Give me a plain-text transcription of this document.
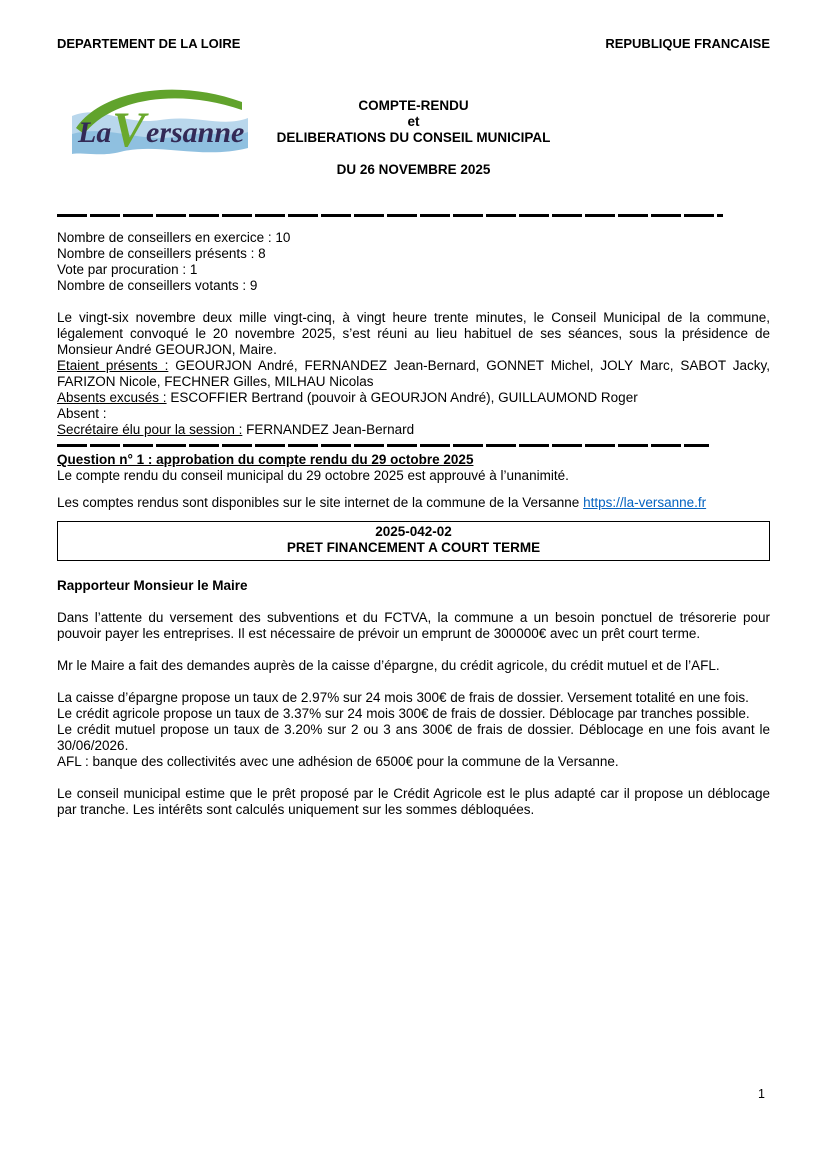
DEPARTEMENT DE LA LOIRE	REPUBLIQUE FRANCAISE
La V ersanne
COMPTE-RENDU
et
DELIBERATIONS DU CONSEIL MUNICIPAL
DU 26 NOVEMBRE 2025
Nombre de conseillers en exercice : 10
Nombre de conseillers présents : 8
Vote par procuration : 1
Nombre de conseillers votants : 9
Le vingt-six novembre deux mille vingt-cinq, à vingt heure trente minutes, le Conseil Municipal de la commune, légalement convoqué le 20 novembre 2025, s’est réuni au lieu habituel de ses séances, sous la présidence de Monsieur André GEOURJON, Maire.
Etaient présents : GEOURJON André, FERNANDEZ Jean-Bernard, GONNET Michel, JOLY Marc, SABOT Jacky, FARIZON Nicole, FECHNER Gilles, MILHAU Nicolas
Absents excusés : ESCOFFIER Bertrand (pouvoir à GEOURJON André), GUILLAUMOND Roger
Absent :
Secrétaire élu pour la session : FERNANDEZ Jean-Bernard
Question n° 1 : approbation du compte rendu du 29 octobre 2025
Le compte rendu du conseil municipal du 29 octobre 2025 est approuvé à l’unanimité.
Les comptes rendus sont disponibles sur le site internet de la commune de la Versanne https://la-versanne.fr
2025-042-02
PRET FINANCEMENT A COURT TERME
Rapporteur Monsieur le Maire
Dans l’attente du versement des subventions et du FCTVA, la commune a un besoin ponctuel de trésorerie pour pouvoir payer les entreprises. Il est nécessaire de prévoir un emprunt de 300000€ avec un prêt court terme.
Mr le Maire a fait des demandes auprès de la caisse d’épargne, du crédit agricole, du crédit mutuel et de l’AFL.
La caisse d’épargne propose un taux de 2.97% sur 24 mois 300€ de frais de dossier. Versement totalité en une fois.
Le crédit agricole propose un taux de 3.37% sur 24 mois 300€ de frais de dossier. Déblocage par tranches possible.
Le crédit mutuel propose un taux de 3.20% sur 2 ou 3 ans 300€ de frais de dossier. Déblocage en une fois avant le 30/06/2026.
AFL : banque des collectivités avec une adhésion de 6500€ pour la commune de la Versanne.
Le conseil municipal estime que le prêt proposé par le Crédit Agricole est le plus adapté car il propose un déblocage par tranche. Les intérêts sont calculés uniquement sur les sommes débloquées.
1
